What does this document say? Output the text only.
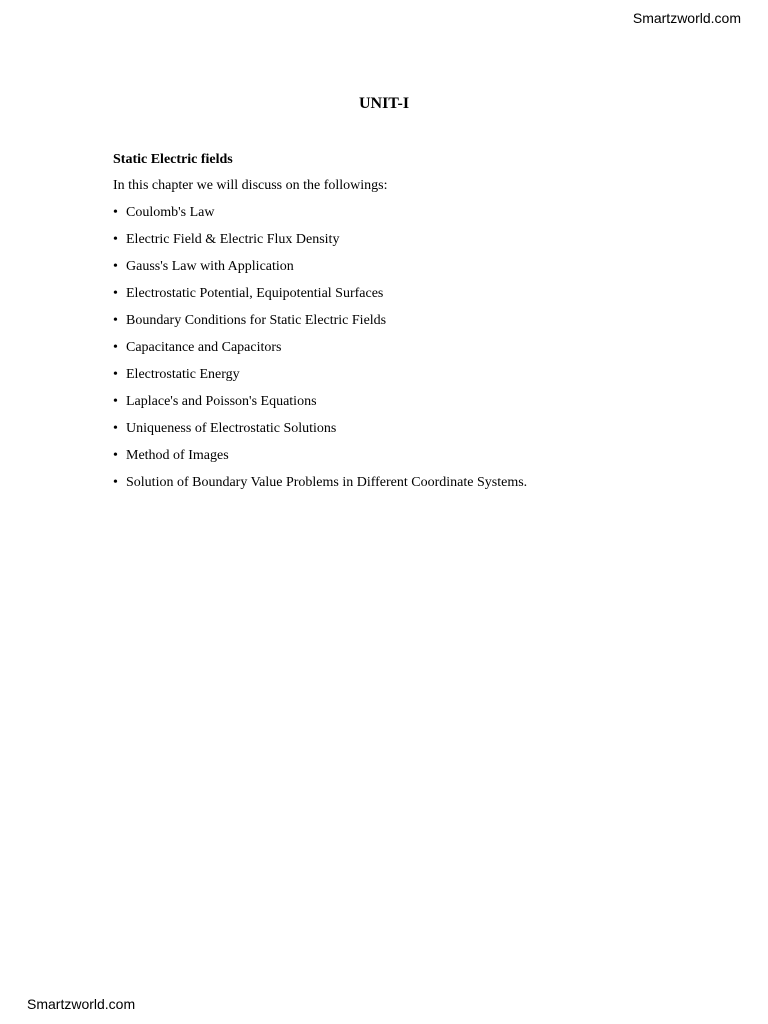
Smartzworld.com
UNIT-I
Static Electric fields
In this chapter we will discuss on the followings:
• Coulomb's Law
• Electric Field & Electric Flux Density
• Gauss's Law with Application
• Electrostatic Potential, Equipotential Surfaces
• Boundary Conditions for Static Electric Fields
• Capacitance and Capacitors
• Electrostatic Energy
• Laplace's and Poisson's Equations
• Uniqueness of Electrostatic Solutions
• Method of Images
• Solution of Boundary Value Problems in Different Coordinate Systems.
Smartzworld.com
